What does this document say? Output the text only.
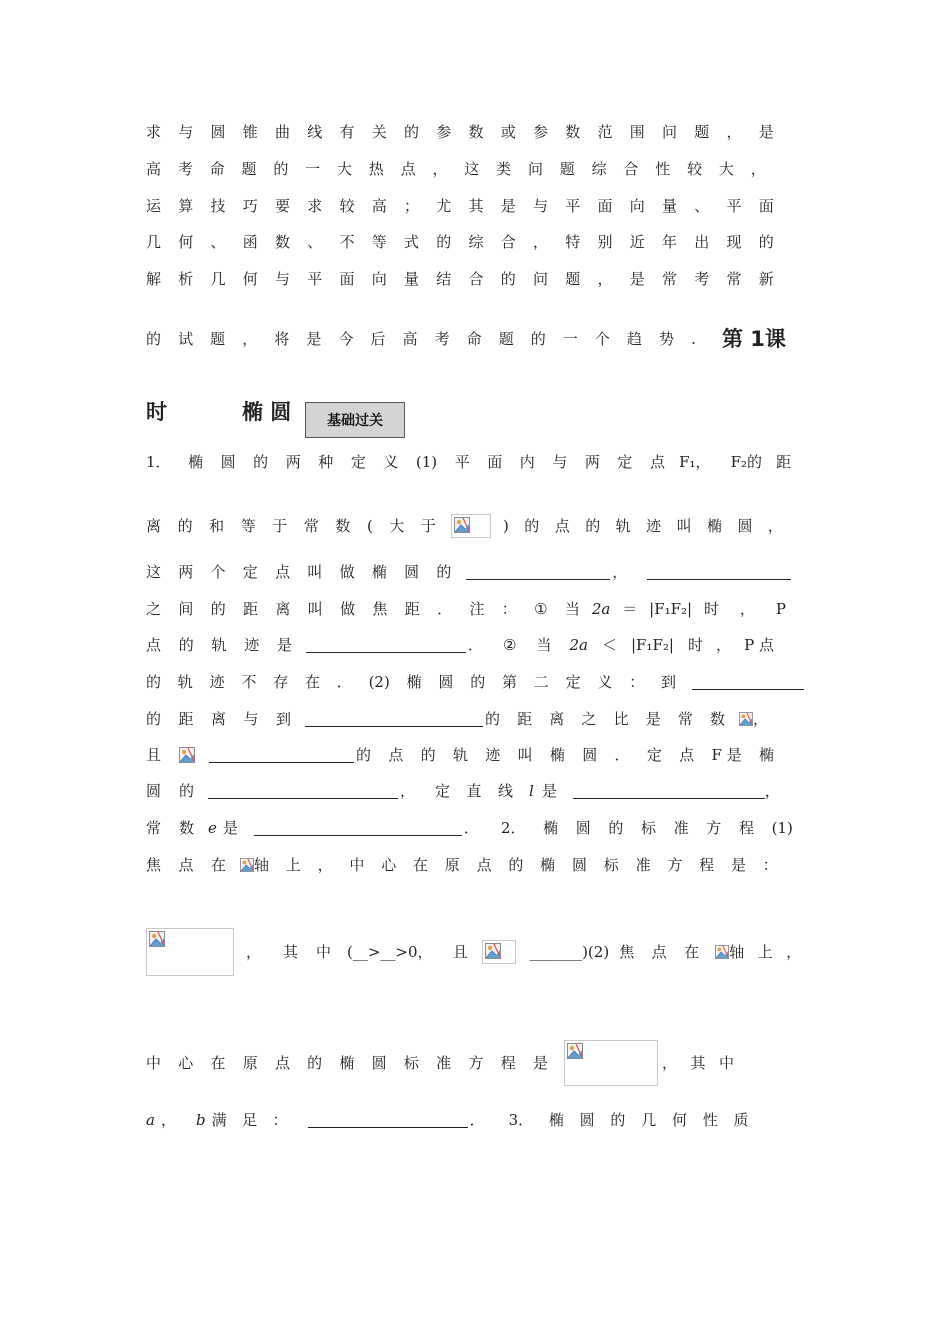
求 与 圆 锥 曲 线 有 关 的 参 数 或 参 数 范 围 问 题 ， 是
高 考 命 题 的 一 大 热 点 ， 这 类 问 题 综 合 性 较 大 ，
运 算 技 巧 要 求 较 高 ； 尤 其 是 与 平 面 向 量 、 平 面
几 何 、 函 数 、 不 等 式 的 综 合 ， 特 别 近 年 出 现 的
解 析 几 何 与 平 面 向 量 结 合 的 问 题 ， 是 常 考 常 新
的 试 题 ， 将 是 今 后 高 考 命 题 的 一 个 趋 势 . 第 1课
时	椭 圆	基础过关
1． 椭 圆 的 两 种 定 义 (1) 平 面 内 与 两 定 点 F₁， F₂的 距
离 的 和 等 于 常 数 ( 大 于	) 的 点 的 轨 迹 叫 椭 圆 ，
这 两 个 定 点 叫 做 椭 圆 的	，
之 间 的 距 离 叫 做 焦 距 ． 注 ： ① 当 2a ＝ |F₁F₂| 时 ， P
点 的 轨 迹 是	． ② 当 2a ＜ |F₁F₂| 时 ， P 点
的 轨 迹 不 存 在 ． (2) 椭 圆 的 第 二 定 义 ： 到
的 距 离 与 到	的 距 离 之 比 是 常 数 ，
且	的 点 的 轨 迹 叫 椭 圆 ． 定 点 F 是 椭
圆 的	， 定 直 线 l 是	，
常 数 e 是	． 2． 椭 圆 的 标 准 方 程 (1)
焦 点 在 轴 上 ， 中 心 在 原 点 的 椭 圆 标 准 方 程 是 ：
， 其 中 (__>__>0， 且	_______)(2) 焦 点 在 轴 上 ，
中 心 在 原 点 的 椭 圆 标 准 方 程 是	， 其 中
a ， b 满 足 ：	． 3． 椭 圆 的 几 何 性 质
